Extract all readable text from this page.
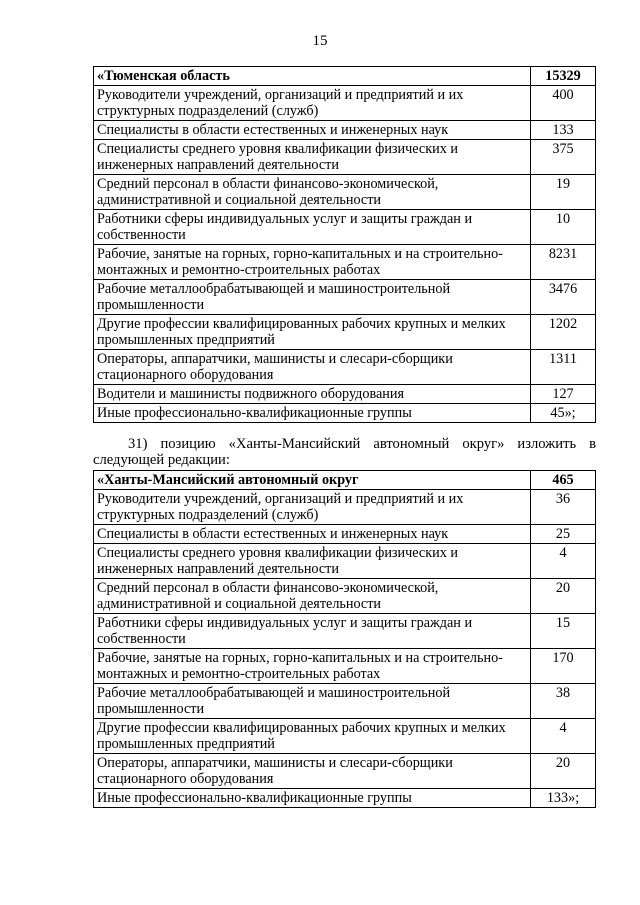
15
«Тюменская область	15329
Руководители учреждений, организаций и предприятий и их структурных подразделений (служб)	400
Специалисты в области естественных и инженерных наук	133
Специалисты среднего уровня квалификации физических и инженерных направлений деятельности	375
Средний персонал в области финансово-экономической, административной и социальной деятельности	19
Работники сферы индивидуальных услуг и защиты граждан и собственности	10
Рабочие, занятые на горных, горно-капитальных и на строительно-монтажных и ремонтно-строительных работах	8231
Рабочие металлообрабатывающей и машиностроительной промышленности	3476
Другие профессии квалифицированных рабочих крупных и мелких промышленных предприятий	1202
Операторы, аппаратчики, машинисты и слесари-сборщики стационарного оборудования	1311
Водители и машинисты подвижного оборудования	127
Иные профессионально-квалификационные группы	45»;
31) позицию «Ханты-Мансийский автономный округ» изложить в следующей редакции:
«Ханты-Мансийский автономный округ	465
Руководители учреждений, организаций и предприятий и их структурных подразделений (служб)	36
Специалисты в области естественных и инженерных наук	25
Специалисты среднего уровня квалификации физических и инженерных направлений деятельности	4
Средний персонал в области финансово-экономической, административной и социальной деятельности	20
Работники сферы индивидуальных услуг и защиты граждан и собственности	15
Рабочие, занятые на горных, горно-капитальных и на строительно-монтажных и ремонтно-строительных работах	170
Рабочие металлообрабатывающей и машиностроительной промышленности	38
Другие профессии квалифицированных рабочих крупных и мелких промышленных предприятий	4
Операторы, аппаратчики, машинисты и слесари-сборщики стационарного оборудования	20
Иные профессионально-квалификационные группы	133»;
